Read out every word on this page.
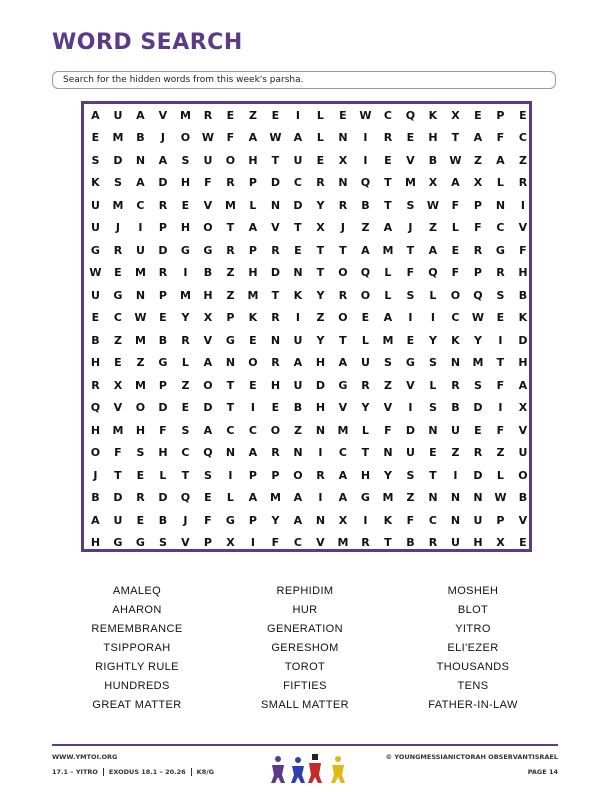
WORD SEARCH
Search for the hidden words from this week's parsha.
A	U	A	V	M	R	E	Z	E	I	L	E	W	C	Q	K	X	E	P	E
E	M	B	J	O	W	F	A	W	A	L	N	I	R	E	H	T	A	F	C
S	D	N	A	S	U	O	H	T	U	E	X	I	E	V	B	W	Z	A	Z
K	S	A	D	H	F	R	P	D	C	R	N	Q	T	M	X	A	X	L	R
U	M	C	R	E	V	M	L	N	D	Y	R	B	T	S	W	F	P	N	I
U	J	I	P	H	O	T	A	V	T	X	J	Z	A	J	Z	L	F	C	V
G	R	U	D	G	G	R	P	R	E	T	T	A	M	T	A	E	R	G	F
W	E	M	R	I	B	Z	H	D	N	T	O	Q	L	F	Q	F	P	R	H
U	G	N	P	M	H	Z	M	T	K	Y	R	O	L	S	L	O	Q	S	B
E	C	W	E	Y	X	P	K	R	I	Z	O	E	A	I	I	C	W	E	K
B	Z	M	B	R	V	G	E	N	U	Y	T	L	M	E	Y	K	Y	I	D
H	E	Z	G	L	A	N	O	R	A	H	A	U	S	G	S	N	M	T	H
R	X	M	P	Z	O	T	E	H	U	D	G	R	Z	V	L	R	S	F	A
Q	V	O	D	E	D	T	I	E	B	H	V	Y	V	I	S	B	D	I	X
H	M	H	F	S	A	C	C	O	Z	N	M	L	F	D	N	U	E	F	V
O	F	S	H	C	Q	N	A	R	N	I	C	T	N	U	E	Z	R	Z	U
J	T	E	L	T	S	I	P	P	O	R	A	H	Y	S	T	I	D	L	O
B	D	R	D	Q	E	L	A	M	A	I	A	G	M	Z	N	N	N	W	B
A	U	E	B	J	F	G	P	Y	A	N	X	I	K	F	C	N	U	P	V
H	G	G	S	V	P	X	I	F	C	V	M	R	T	B	R	U	H	X	E
AMALEQ
AHARON
REMEMBRANCE
TSIPPORAH
RIGHTLY RULE
HUNDREDS
GREAT MATTER
REPHIDIM
HUR
GENERATION
GERESHOM
TOROT
FIFTIES
SMALL MATTER
MOSHEH
BLOT
YITRO
ELI'EZER
THOUSANDS
TENS
FATHER-IN-LAW
WWW.YMTOI.ORG
17.1 – YITRO EXODUS 18.1 – 20.26 K8/G
© YOUNGMESSIANICTORAH OBSERVANTISRAEL
PAGE 14
